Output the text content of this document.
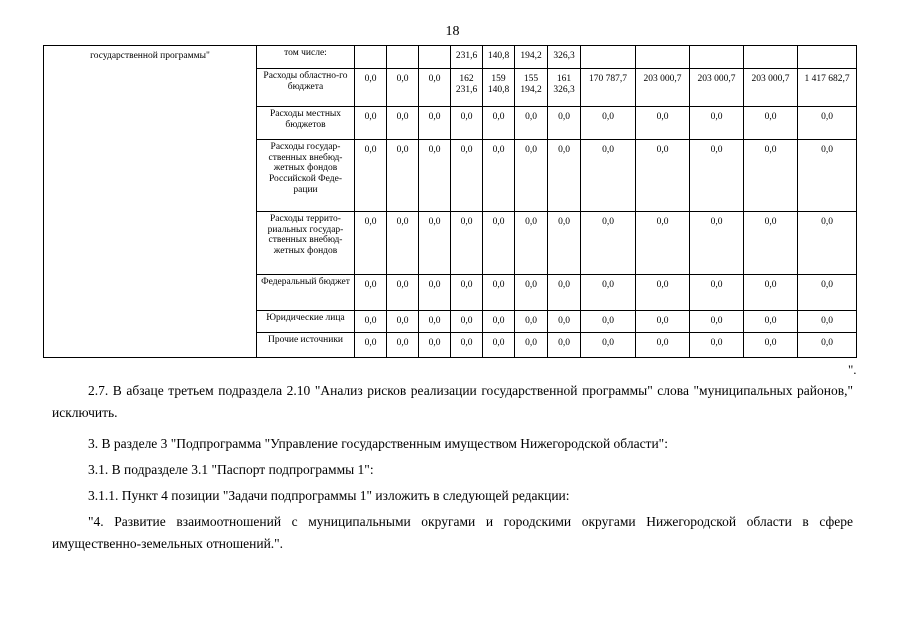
18
государственной программы"	том числе:				231,6	140,8	194,2	326,3					
	Расходы областно-го бюджета	0,0	0,0	0,0	162 231,6	159 140,8	155 194,2	161 326,3	170 787,7	203 000,7	203 000,7	203 000,7	1 417 682,7
	Расходы местных бюджетов	0,0	0,0	0,0	0,0	0,0	0,0	0,0	0,0	0,0	0,0	0,0	0,0
	Расходы государ-ственных внебюд-жетных фондов Российской Феде-рации	0,0	0,0	0,0	0,0	0,0	0,0	0,0	0,0	0,0	0,0	0,0	0,0
	Расходы террито-риальных государ-ственных внебюд-жетных фондов	0,0	0,0	0,0	0,0	0,0	0,0	0,0	0,0	0,0	0,0	0,0	0,0
	Федеральный бюджет	0,0	0,0	0,0	0,0	0,0	0,0	0,0	0,0	0,0	0,0	0,0	0,0
	Юридические лица	0,0	0,0	0,0	0,0	0,0	0,0	0,0	0,0	0,0	0,0	0,0	0,0
	Прочие источники	0,0	0,0	0,0	0,0	0,0	0,0	0,0	0,0	0,0	0,0	0,0	0,0
".

2.7. В абзаце третьем подраздела 2.10 "Анализ рисков реализации государственной программы" слова "муниципальных районов," исключить.

3. В разделе 3 "Подпрограмма "Управление государственным имуществом Нижегородской области":

3.1. В подразделе 3.1 "Паспорт подпрограммы 1":

3.1.1. Пункт 4 позиции "Задачи подпрограммы 1" изложить в следующей редакции:

"4. Развитие взаимоотношений с муниципальными округами и городскими округами Нижегородской области в сфере имущественно-земельных отношений.".
